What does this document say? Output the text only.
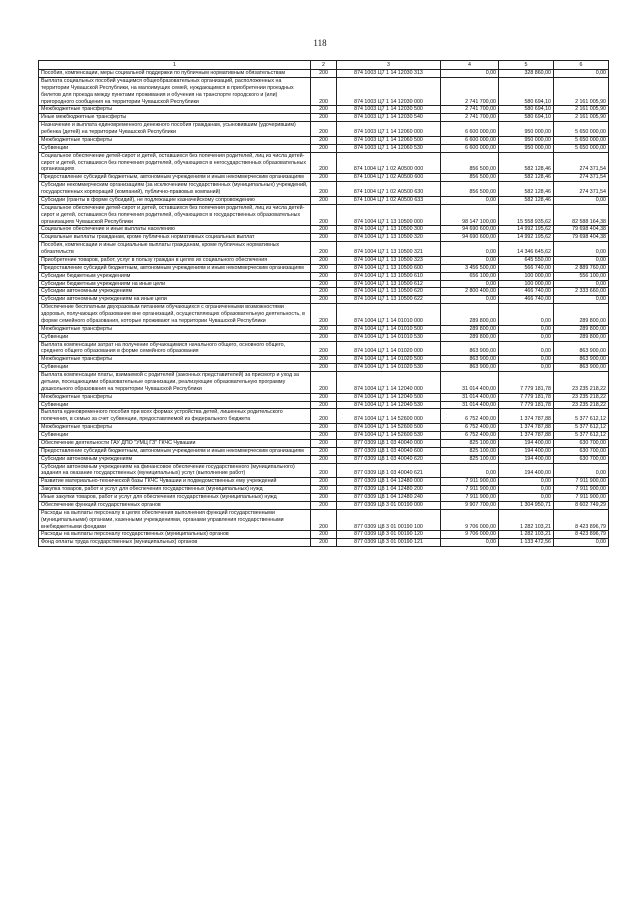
118
1	2	3	4	5	6
Пособия, компенсации, меры социальной поддержки по публичным нормативным обязательствам	200	874 1003 Ц7 1 14 12030 313	0,00	328 860,00	0,00
Выплата социальных пособий учащимся общеобразовательных организаций, расположенных на территории Чувашской Республики, на малоимущих семей, нуждающимся в приобретении проездных билетов для проезда между пунктами проживания и обучения на транспорте городского и (или) пригородного сообщения на территории Чувашской Республики	200	874 1003 Ц7 1 14 12030 000	2 741 700,00	580 694,10	2 161 005,90
Межбюджетные трансферты	200	874 1003 Ц7 1 14 12030 500	2 741 700,00	580 694,10	2 161 005,90
Иные межбюджетные трансферты	200	874 1003 Ц7 1 14 12030 540	2 741 700,00	580 694,10	2 161 005,90
Назначение и выплата единовременного денежного пособия гражданам, усыновившим (удочерившим) ребенка (детей) на территории Чувашской Республики	200	874 1003 Ц7 1 14 12060 000	6 600 000,00	950 000,00	5 650 000,00
Межбюджетные трансферты	200	874 1003 Ц7 1 14 12060 500	6 600 000,00	950 000,00	5 650 000,00
Субвенции	200	874 1003 Ц7 1 14 12060 530	6 600 000,00	950 000,00	5 650 000,00
Социальное обеспечение детей-сирот и детей, оставшихся без попечения родителей, лиц из числа детей-сирот и детей, оставшихся без попечения родителей, обучающихся в негосударственных образовательных организациях	200	874 1004 Ц7 1 02 А0500 000	856 500,00	582 128,46	274 371,54
Предоставление субсидий бюджетным, автономным учреждениям и иным некоммерческим организациям	200	874 1004 Ц7 1 02 А0500 600	856 500,00	582 128,46	274 371,54
Субсидии некоммерческим организациям (за исключением государственных (муниципальных) учреждений, государственных корпораций (компаний), публично-правовых компаний)	200	874 1004 Ц7 1 02 А0500 630	856 500,00	582 128,46	274 371,54
Субсидии (гранты в форме субсидий), не подлежащие казначейскому сопровождению	200	874 1004 Ц7 1 02 А0500 633	0,00	582 128,46	0,00
Социальное обеспечение детей-сирот и детей, оставшихся без попечения родителей, лиц из числа детей-сирот и детей, оставшихся без попечения родителей, обучающихся в государственных образовательных организациях Чувашской Республики	200	874 1004 Ц7 1 13 10500 000	98 147 100,00	15 558 935,62	82 588 164,38
Социальное обеспечение и иные выплаты населению	200	874 1004 Ц7 1 13 10500 300	94 690 600,00	14 992 195,62	79 698 404,38
Социальные выплаты гражданам, кроме публичных нормативных социальных выплат	200	874 1004 Ц7 1 13 10500 320	94 690 600,00	14 992 195,62	79 698 404,38
Пособия, компенсации и иные социальные выплаты гражданам, кроме публичных нормативных обязательств	200	874 1004 Ц7 1 13 10500 321	0,00	14 346 645,62	0,00
Приобретение товаров, работ, услуг в пользу граждан в целях их социального обеспечения	200	874 1004 Ц7 1 13 10500 323	0,00	645 550,00	0,00
Предоставление субсидий бюджетным, автономным учреждениям и иным некоммерческим организациям	200	874 1004 Ц7 1 13 10500 600	3 456 500,00	566 740,00	2 889 760,00
Субсидии бюджетным учреждениям	200	874 1004 Ц7 1 13 10500 610	656 100,00	100 000,00	556 100,00
Субсидии бюджетным учреждениям на иные цели	200	874 1004 Ц7 1 13 10500 612	0,00	100 000,00	0,00
Субсидии автономным учреждениям	200	874 1004 Ц7 1 13 10500 620	2 800 400,00	466 740,00	2 333 660,00
Субсидии автономным учреждениям на иные цели	200	874 1004 Ц7 1 13 10500 622	0,00	466 740,00	0,00
Обеспечение бесплатным двухразовым питанием обучающихся с ограниченными возможностями здоровья, получающих образование вне организаций, осуществляющих образовательную деятельность, в форме семейного образования, которые проживают на территории Чувашской Республики	200	874 1004 Ц7 1 14 01010 000	289 800,00	0,00	289 800,00
Межбюджетные трансферты	200	874 1004 Ц7 1 14 01010 500	289 800,00	0,00	289 800,00
Субвенции	200	874 1004 Ц7 1 14 01010 530	289 800,00	0,00	289 800,00
Выплата компенсации затрат на получение обучающимися начального общего, основного общего, среднего общего образования в форме семейного образования	200	874 1004 Ц7 1 14 01020 000	863 900,00	0,00	863 900,00
Межбюджетные трансферты	200	874 1004 Ц7 1 14 01020 500	863 900,00	0,00	863 900,00
Субвенции	200	874 1004 Ц7 1 14 01020 530	863 900,00	0,00	863 900,00
Выплата компенсации платы, взимаемой с родителей (законных представителей) за присмотр и уход за детьми, посещающими образовательные организации, реализующие образовательную программу дошкольного образования на территории Чувашской Республики	200	874 1004 Ц7 1 14 12040 000	31 014 400,00	7 779 181,78	23 235 218,22
Межбюджетные трансферты	200	874 1004 Ц7 1 14 12040 500	31 014 400,00	7 779 181,78	23 235 218,22
Субвенции	200	874 1004 Ц7 1 14 12040 530	31 014 400,00	7 779 181,78	23 235 218,22
Выплата единовременного пособия при всех формах устройства детей, лишенных родительского попечения, в семью за счет субвенции, предоставляемой из федерального бюджета	200	874 1004 Ц7 1 14 52600 000	6 752 400,00	1 374 787,88	5 377 612,12
Межбюджетные трансферты	200	874 1004 Ц7 1 14 52600 500	6 752 400,00	1 374 787,88	5 377 612,12
Субвенции	200	874 1004 Ц7 1 14 52600 530	6 752 400,00	1 374 787,88	5 377 612,12
Обеспечение деятельности ГАУ ДПО "УМЦ ГЗ" ГКЧС Чувашии	200	877 0309 Ц8 1 03 40040 000	825 100,00	194 400,00	630 700,00
Предоставление субсидий бюджетным, автономным учреждениям и иным некоммерческим организациям	200	877 0309 Ц8 1 03 40040 600	825 100,00	194 400,00	630 700,00
Субсидии автономным учреждениям	200	877 0309 Ц8 1 03 40040 620	825 100,00	194 400,00	630 700,00
Субсидии автономным учреждениям на финансовое обеспечение государственного (муниципального) задания на оказание государственных (муниципальных) услуг (выполнение работ)	200	877 0309 Ц8 1 03 40040 621	0,00	194 400,00	0,00
Развитие материально-технической базы ГКЧС Чувашии и подведомственных ему учреждений	200	877 0309 Ц8 1 04 12480 000	7 911 900,00	0,00	7 911 900,00
Закупка товаров, работ и услуг для обеспечения государственных (муниципальных) нужд	200	877 0309 Ц8 1 04 12480 200	7 911 900,00	0,00	7 911 900,00
Иные закупки товаров, работ и услуг для обеспечения государственных (муниципальных) нужд	200	877 0309 Ц8 1 04 12480 240	7 911 900,00	0,00	7 911 900,00
Обеспечение функций государственных органов	200	877 0309 Ц8 3 01 00190 000	9 907 700,00	1 304 950,71	8 602 749,29
Расходы на выплаты персоналу в целях обеспечения выполнения функций государственными (муниципальными) органами, казенными учреждениями, органами управления государственными внебюджетными фондами	200	877 0309 Ц8 3 01 00190 100	9 706 000,00	1 282 103,21	8 423 896,79
Расходы на выплаты персоналу государственных (муниципальных) органов	200	877 0309 Ц8 3 01 00190 120	9 706 000,00	1 282 103,21	8 423 896,79
Фонд оплаты труда государственных (муниципальных) органов	200	877 0309 Ц8 3 01 00190 121	0,00	1 133 472,56	0,00
